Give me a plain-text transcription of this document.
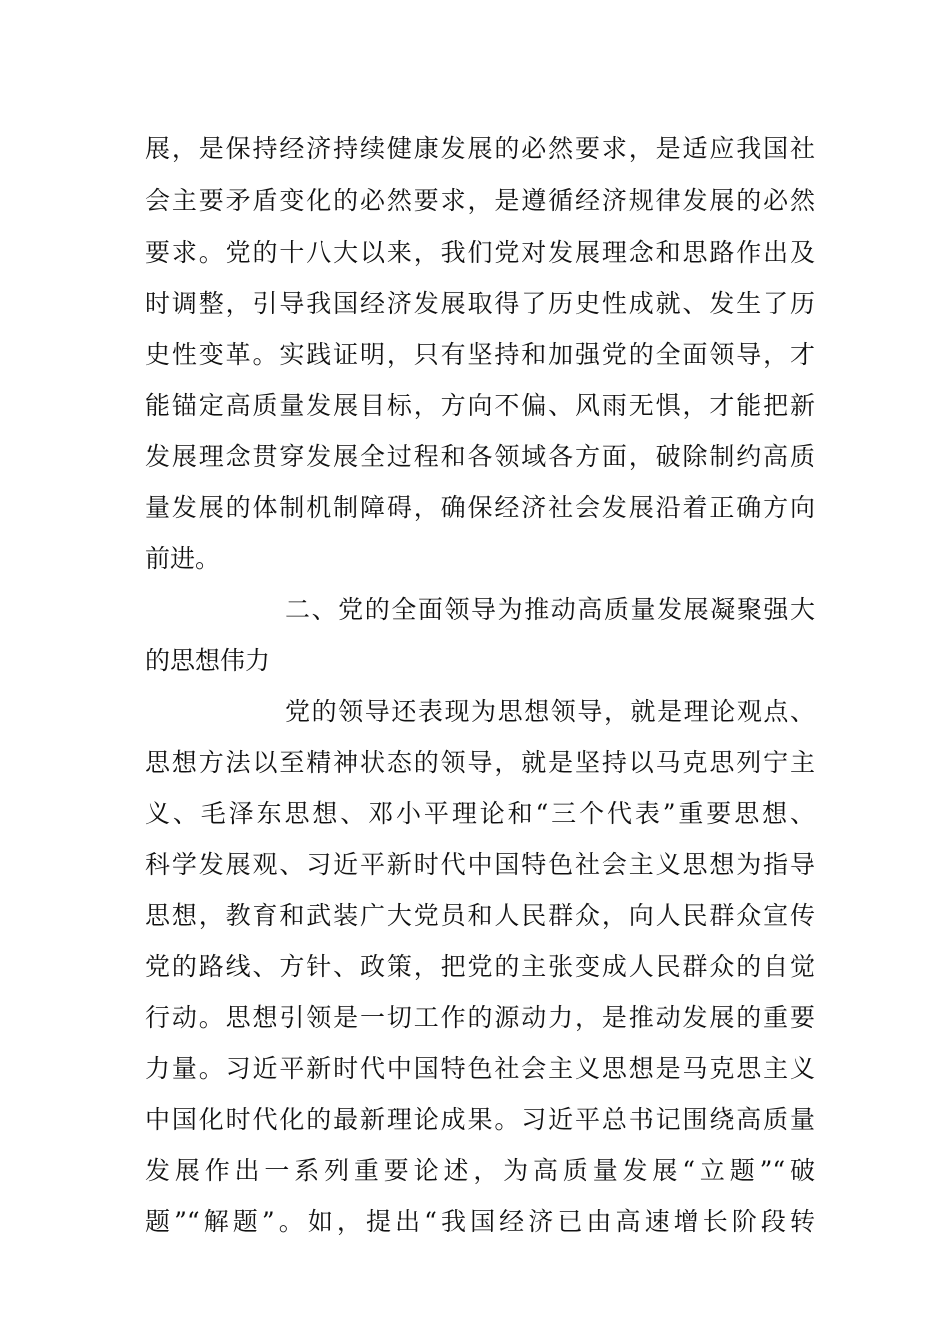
展，是保持经济持续健康发展的必然要求，是适应我国社
会主要矛盾变化的必然要求，是遵循经济规律发展的必然
要求。党的十八大以来，我们党对发展理念和思路作出及
时调整，引导我国经济发展取得了历史性成就、发生了历
史性变革。实践证明，只有坚持和加强党的全面领导，才
能锚定高质量发展目标，方向不偏、风雨无惧，才能把新
发展理念贯穿发展全过程和各领域各方面，破除制约高质
量发展的体制机制障碍，确保经济社会发展沿着正确方向
前进。
二、党的全面领导为推动高质量发展凝聚强大
的思想伟力
党的领导还表现为思想领导，就是理论观点、
思想方法以至精神状态的领导，就是坚持以马克思列宁主
义、毛泽东思想、邓小平理论和“三个代表”重要思想、
科学发展观、习近平新时代中国特色社会主义思想为指导
思想，教育和武装广大党员和人民群众，向人民群众宣传
党的路线、方针、政策，把党的主张变成人民群众的自觉
行动。思想引领是一切工作的源动力，是推动发展的重要
力量。习近平新时代中国特色社会主义思想是马克思主义
中国化时代化的最新理论成果。习近平总书记围绕高质量
发展作出一系列重要论述，为高质量发展“立题”“破
题”“解题”。如，提出“我国经济已由高速增长阶段转
